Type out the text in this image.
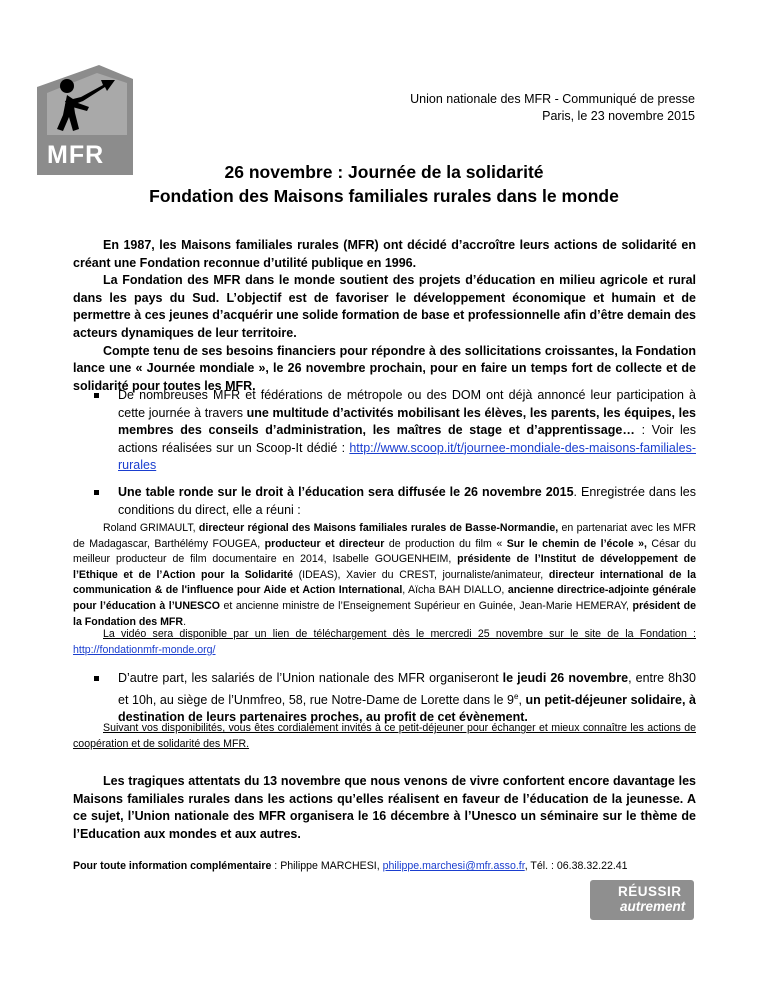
MFR
Union nationale des MFR - Communiqué de presse
Paris, le 23 novembre 2015
26 novembre : Journée de la solidarité
Fondation des Maisons familiales rurales dans le monde
En 1987, les Maisons familiales rurales (MFR) ont décidé d’accroître leurs actions de solidarité en créant une Fondation reconnue d’utilité publique en 1996.
La Fondation des MFR dans le monde soutient des projets d’éducation en milieu agricole et rural dans les pays du Sud. L’objectif est de favoriser le développement économique et humain et de permettre à ces jeunes d’acquérir une solide formation de base et professionnelle afin d’être demain des acteurs dynamiques de leur territoire.
Compte tenu de ses besoins financiers pour répondre à des sollicitations croissantes, la Fondation lance une « Journée mondiale », le 26 novembre prochain, pour en faire un temps fort de collecte et de solidarité pour toutes les MFR.
De nombreuses MFR et fédérations de métropole ou des DOM ont déjà annoncé leur participation à cette journée à travers une multitude d’activités mobilisant les élèves, les parents, les équipes, les membres des conseils d’administration, les maîtres de stage et d’apprentissage… : Voir les actions réalisées sur un Scoop-It dédié : http://www.scoop.it/t/journee-mondiale-des-maisons-familiales-rurales
Une table ronde sur le droit à l’éducation sera diffusée le 26 novembre 2015. Enregistrée dans les conditions du direct, elle a réuni :
Roland GRIMAULT, directeur régional des Maisons familiales rurales de Basse-Normandie, en partenariat avec les MFR de Madagascar, Barthélémy FOUGEA, producteur et directeur de production du film « Sur le chemin de l’école », César du meilleur producteur de film documentaire en 2014, Isabelle GOUGENHEIM, présidente de l’Institut de développement de l’Ethique et de l’Action pour la Solidarité (IDEAS), Xavier du CREST, journaliste/animateur, directeur international de la communication & de l'influence pour Aide et Action International, Aïcha BAH DIALLO, ancienne directrice-adjointe générale pour l’éducation à l’UNESCO et ancienne ministre de l’Enseignement Supérieur en Guinée, Jean-Marie HEMERAY, président de la Fondation des MFR.
La vidéo sera disponible par un lien de téléchargement dès le mercredi 25 novembre sur le site de la Fondation : http://fondationmfr-monde.org/
D’autre part, les salariés de l’Union nationale des MFR organiseront le jeudi 26 novembre, entre 8h30 et 10h, au siège de l’Unmfreo, 58, rue Notre-Dame de Lorette dans le 9e, un petit-déjeuner solidaire, à destination de leurs partenaires proches, au profit de cet évènement.
Suivant vos disponibilités, vous êtes cordialement invités à ce petit-déjeuner pour échanger et mieux connaître les actions de coopération et de solidarité des MFR.
Les tragiques attentats du 13 novembre que nous venons de vivre confortent encore davantage les Maisons familiales rurales dans les actions qu’elles réalisent en faveur de l’éducation de la jeunesse. A ce sujet, l’Union nationale des MFR organisera le 16 décembre à l’Unesco un séminaire sur le thème de l’Education aux mondes et aux autres.
Pour toute information complémentaire : Philippe MARCHESI, philippe.marchesi@mfr.asso.fr, Tél. : 06.38.32.22.41
RÉUSSIR
autrement
